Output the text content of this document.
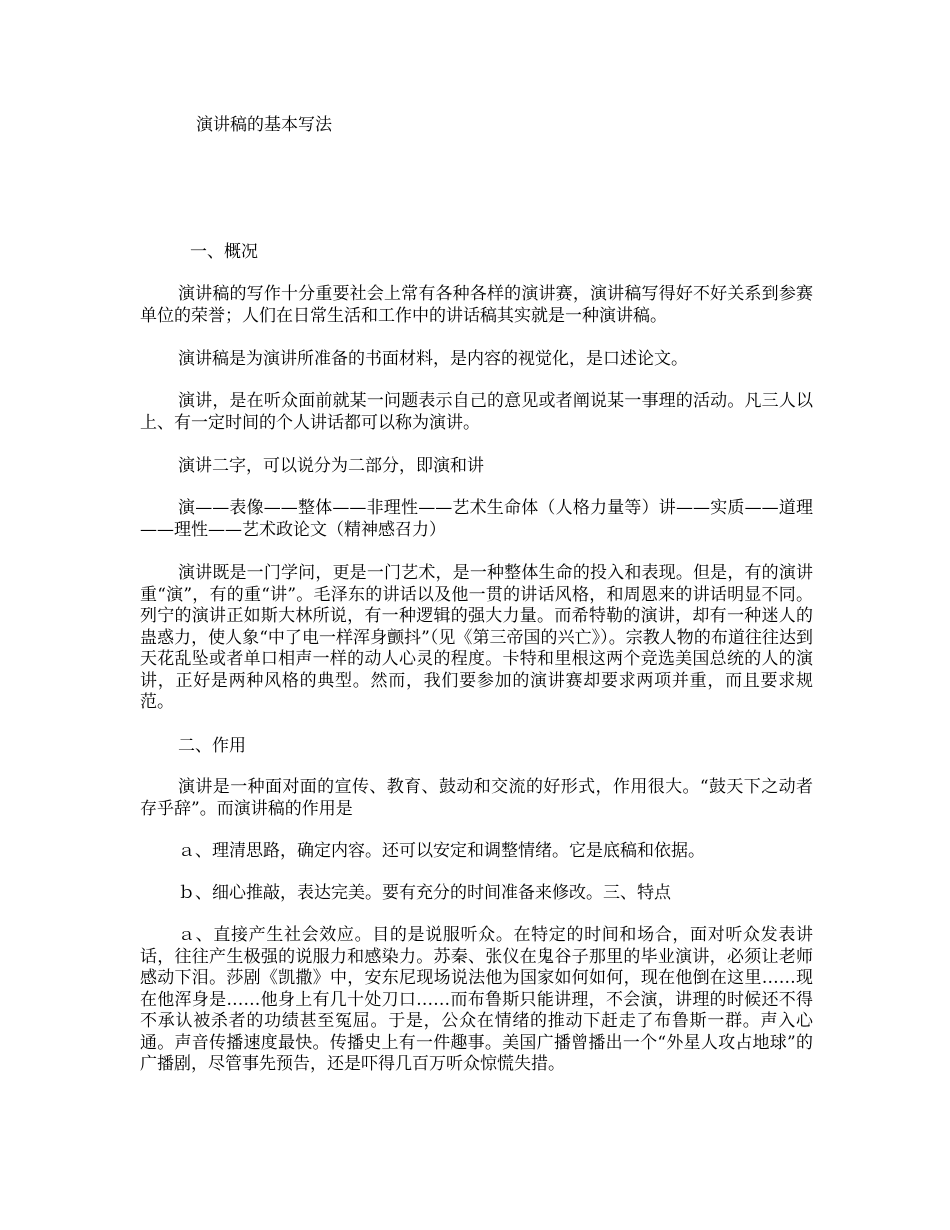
演讲稿的基本写法

一、概况

演讲稿的写作十分重要社会上常有各种各样的演讲赛，演讲稿写得好不好关系到参赛单位的荣誉；人们在日常生活和工作中的讲话稿其实就是一种演讲稿。

演讲稿是为演讲所准备的书面材料，是内容的视觉化，是口述论文。

演讲，是在听众面前就某一问题表示自己的意见或者阐说某一事理的活动。凡三人以上、有一定时间的个人讲话都可以称为演讲。

演讲二字，可以说分为二部分，即演和讲

演——表像——整体——非理性——艺术生命体（人格力量等）讲——实质——道理——理性——艺术政论文（精神感召力）

演讲既是一门学问，更是一门艺术，是一种整体生命的投入和表现。但是，有的演讲重“演”，有的重“讲”。毛泽东的讲话以及他一贯的讲话风格，和周恩来的讲话明显不同。列宁的演讲正如斯大林所说，有一种逻辑的强大力量。而希特勒的演讲，却有一种迷人的蛊惑力，使人象“中了电一样浑身颤抖”（见《第三帝国的兴亡》）。宗教人物的布道往往达到天花乱坠或者单口相声一样的动人心灵的程度。卡特和里根这两个竞选美国总统的人的演讲，正好是两种风格的典型。然而，我们要参加的演讲赛却要求两项并重，而且要求规范。

二、作用

演讲是一种面对面的宣传、教育、鼓动和交流的好形式，作用很大。“鼓天下之动者存乎辞”。而演讲稿的作用是

ａ、理清思路，确定内容。还可以安定和调整情绪。它是底稿和依据。

ｂ、细心推敲，表达完美。要有充分的时间准备来修改。三、特点

ａ、直接产生社会效应。目的是说服听众。在特定的时间和场合，面对听众发表讲话，往往产生极强的说服力和感染力。苏秦、张仪在鬼谷子那里的毕业演讲，必须让老师感动下泪。莎剧《凯撒》中，安东尼现场说法他为国家如何如何，现在他倒在这里……现在他浑身是……他身上有几十处刀口……而布鲁斯只能讲理，不会演，讲理的时候还不得不承认被杀者的功绩甚至冤屈。于是，公众在情绪的推动下赶走了布鲁斯一群。声入心通。声音传播速度最快。传播史上有一件趣事。美国广播曾播出一个“外星人攻占地球”的广播剧，尽管事先预告，还是吓得几百万听众惊慌失措。
